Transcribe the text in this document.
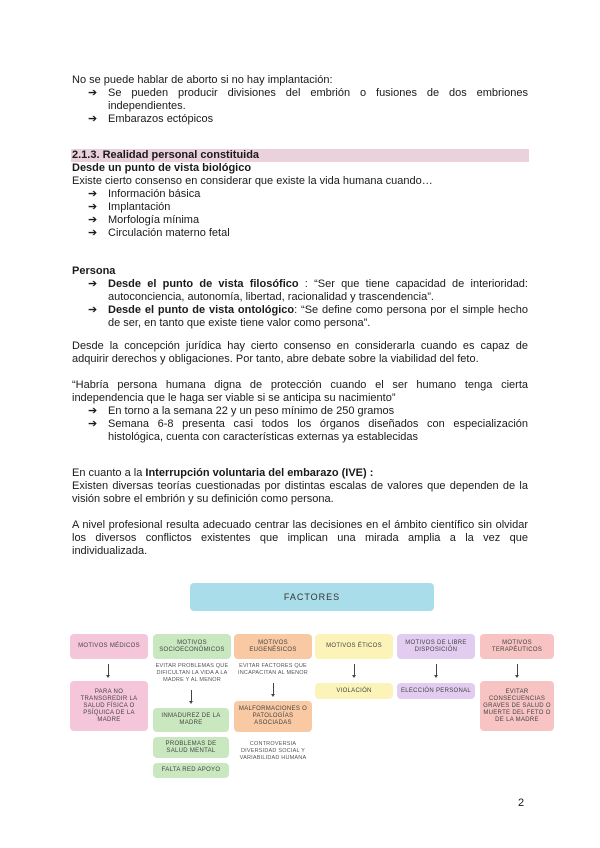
No se puede hablar de aborto si no hay implantación:

➔ Se pueden producir divisiones del embrión o fusiones de dos embriones independientes.
➔ Embarazos ectópicos

2.1.3. Realidad personal constituida

Desde un punto de vista biológico

Existe cierto consenso en considerar que existe la vida humana cuando…

➔ Información básica
➔ Implantación
➔ Morfología mínima
➔ Circulación materno fetal

Persona

➔ Desde el punto de vista filosófico : “Ser que tiene capacidad de interioridad: autoconciencia, autonomía, libertad, racionalidad y trascendencia”.
➔ Desde el punto de vista ontológico: “Se define como persona por el simple hecho de ser, en tanto que existe tiene valor como persona”.

Desde la concepción jurídica hay cierto consenso en considerarla cuando es capaz de adquirir derechos y obligaciones. Por tanto, abre debate sobre la viabilidad del feto.

“Habría persona humana digna de protección cuando el ser humano tenga cierta independencia que le haga ser viable si se anticipa su nacimiento”

➔ En torno a la semana 22 y un peso mínimo de 250 gramos
➔ Semana 6-8 presenta casi todos los órganos diseñados con especialización histológica, cuenta con características externas ya establecidas

En cuanto a la Interrupción voluntaria del embarazo (IVE) :

Existen diversas teorías cuestionadas por distintas escalas de valores que dependen de la visión sobre el embrión y su definición como persona.

A nivel profesional resulta adecuado centrar las decisiones en el ámbito científico sin olvidar los diversos conflictos existentes que implican una mirada amplia a la vez que individualizada.

FACTORES
MOTIVOS MÉDICOS
MOTIVOS SOCIOECONÓMICOS
MOTIVOS EUGENÉSICOS
MOTIVOS ÉTICOS
MOTIVOS DE LIBRE DISPOSICIÓN
MOTIVOS TERAPÉUTICOS
PARA NO TRANSGREDIR LA SALUD FÍSICA O PSÍQUICA DE LA MADRE
EVITAR PROBLEMAS QUE DIFICULTAN LA VIDA A LA MADRE Y AL MENOR
INMADUREZ DE LA MADRE
PROBLEMAS DE SALUD MENTAL
FALTA RED APOYO
EVITAR FACTORES QUE INCAPACITAN AL MENOR
MALFORMACIONES O PATOLOGÍAS ASOCIADAS
CONTROVERSIA DIVERSIDAD SOCIAL Y VARIABILIDAD HUMANA
VIOLACIÓN	ELECCIÓN PERSONAL	EVITAR CONSECUENCIAS GRAVES DE SALUD O MUERTE DEL FETO O DE LA MADRE
2
